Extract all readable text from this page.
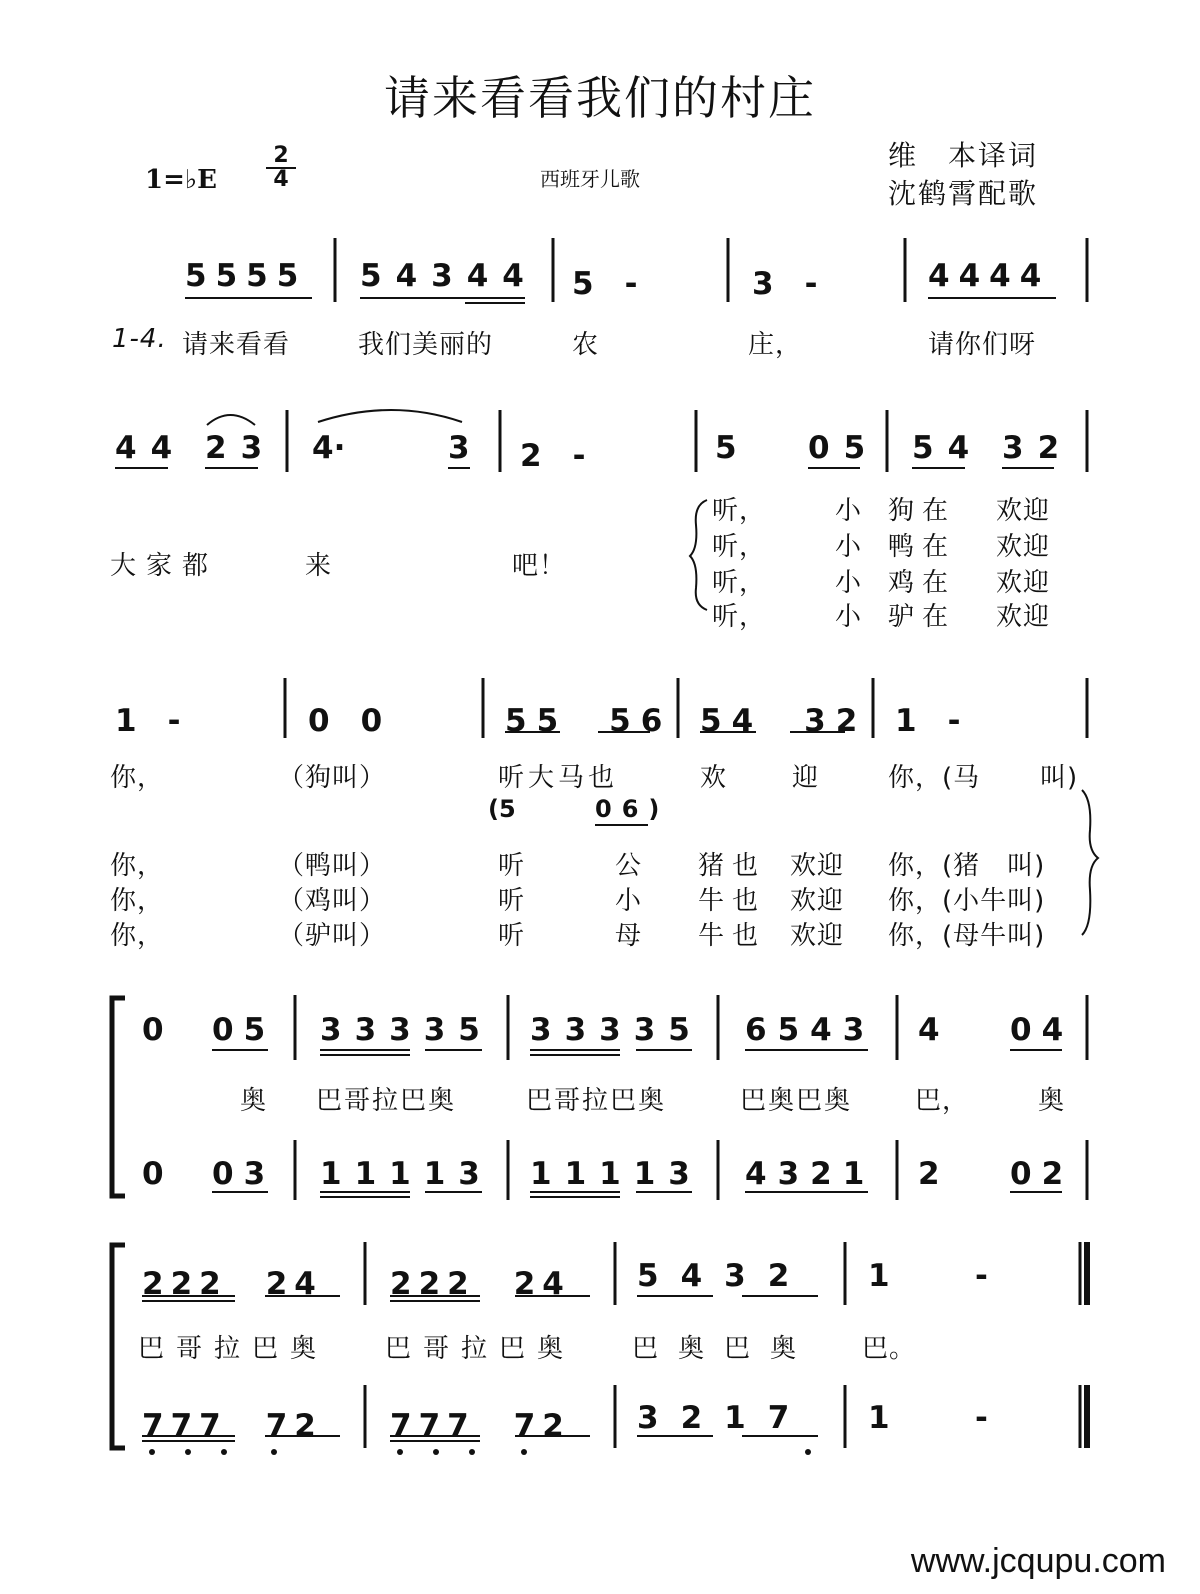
请来看看我们的村庄
1=♭E
2
4	西班牙儿歌
维　本译词
沈鹤霄配歌
5555 54344 5　-	3　-	4444
1-4. 请来看看	我们美丽的	农	庄，	请你们呀
44 23 4·	3 2　-	5 05 54 32
大家都	来	吧！
听，	小 狗在 欢迎
听，	小 鸭在 欢迎
听，	小 鸡在 欢迎
听，	小 驴在 欢迎
1　-	0　0	55　56 54　32 1　-
(5	06)
你，	（狗叫）	听大马也	欢 迎	你，(马 叫)
你，	（鸭叫）	听	公 猪也 欢迎 你，(猪　叫)
你，	（鸡叫）	听	小 牛也 欢迎 你，(小牛叫)
你，	（驴叫）	听	母 牛也 欢迎 你，(母牛叫)
0 05 33335 33335 6543 4 04
奥 巴哥拉巴奥	巴哥拉巴奥	巴奥巴奥 巴，	奥
0 03 11113 11113 4321 2 02
222　24 222　24 5432 1	-
巴哥拉巴奥 巴哥拉巴奥 巴奥巴奥 巴。
777　72 777　72 3217 1	-
www.jcqupu.com
